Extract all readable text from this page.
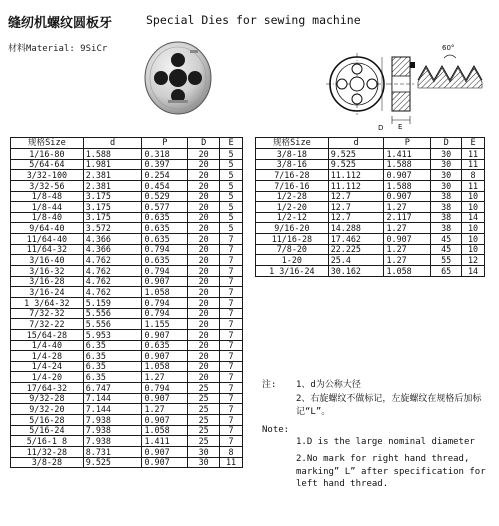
缝纫机螺纹圆板牙	Special Dies for sewing machine
材料Material: 9SiCr
E
D
60°
规格Size	d	P	D	E
1/16-80	1.588	0.318	20	5
5/64-64	1.981	0.397	20	5
3/32-100	2.381	0.254	20	5
3/32-56	2.381	0.454	20	5
1/8-48	3.175	0.529	20	5
1/8-44	3.175	0.577	20	5
1/8-40	3.175	0.635	20	5
9/64-40	3.572	0.635	20	5
11/64-40	4.366	0.635	20	7
11/64-32	4.366	0.794	20	7
3/16-40	4.762	0.635	20	7
3/16-32	4.762	0.794	20	7
3/16-28	4.762	0.907	20	7
3/16-24	4.762	1.058	20	7
1 3/64-32	5.159	0.794	20	7
7/32-32	5.556	0.794	20	7
7/32-22	5.556	1.155	20	7
15/64-28	5.953	0.907	20	7
1/4-40	6.35	0.635	20	7
1/4-28	6.35	0.907	20	7
1/4-24	6.35	1.058	20	7
1/4-20	6.35	1.27	20	7
17/64-32	6.747	0.794	25	7
9/32-28	7.144	0.907	25	7
9/32-20	7.144	1.27	25	7
5/16-28	7.938	0.907	25	7
5/16-24	7.938	1.058	25	7
5/16-1 8	7.938	1.411	25	7
11/32-28	8.731	0.907	30	8
3/8-28	9.525	0.907	30	11
规格Size	d	P	D	E
3/8-18	9.525	1.411	30	11
3/8-16	9.525	1.588	30	11
7/16-28	11.112	0.907	30	8
7/16-16	11.112	1.588	30	11
1/2-28	12.7	0.907	38	10
1/2-20	12.7	1.27	38	10
1/2-12	12.7	2.117	38	14
9/16-20	14.288	1.27	38	10
11/16-28	17.462	0.907	45	10
7/8-20	22.225	1.27	45	10
1-20	25.4	1.27	55	12
1 3/16-24	30.162	1.058	65	14
注: 1、d为公称大径
2、右旋螺纹不做标记，左旋螺纹在规格后加标记“L”。
Note:
1.D is the large nominal diameter
2.No mark for right hand thread, marking” L” after specification for left hand thread.
